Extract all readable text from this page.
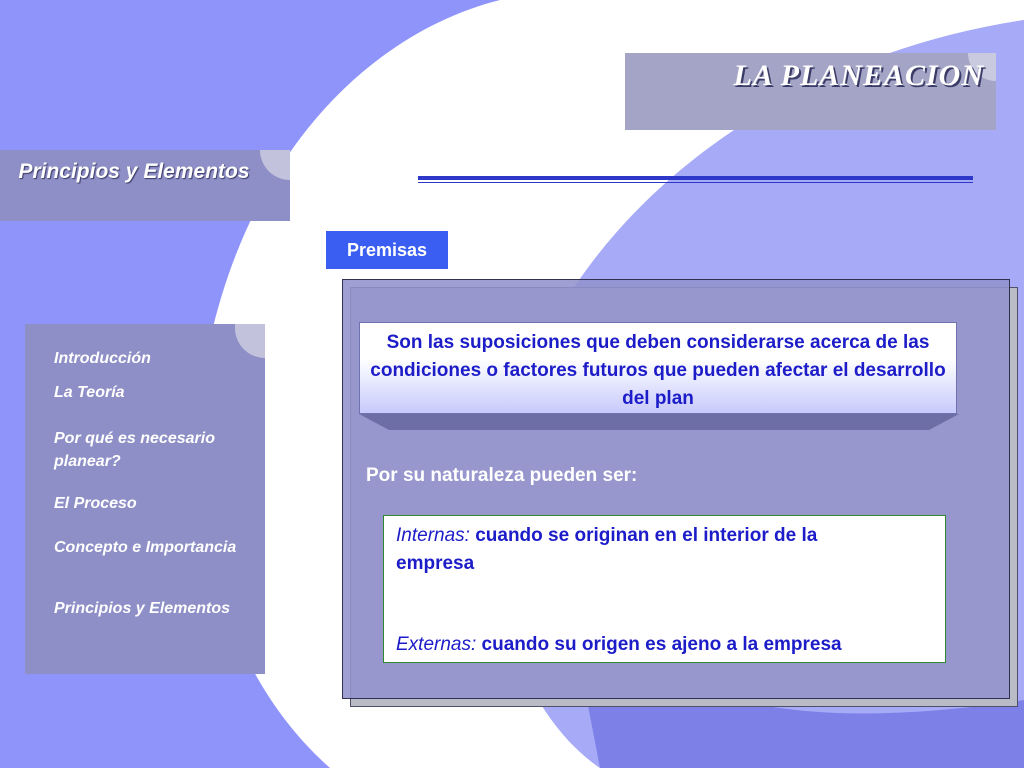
LA PLANEACION
Principios y Elementos
Introducción
La Teoría
Por qué es necesario planear?
El Proceso
Concepto e Importancia
Principios y Elementos
Premisas
Son las suposiciones que deben considerarse acerca de las condiciones o factores futuros que pueden afectar el desarrollo del plan
Por su naturaleza pueden ser:
Internas: cuando se originan en el interior de la empresa
Externas: cuando su origen es ajeno a la empresa
